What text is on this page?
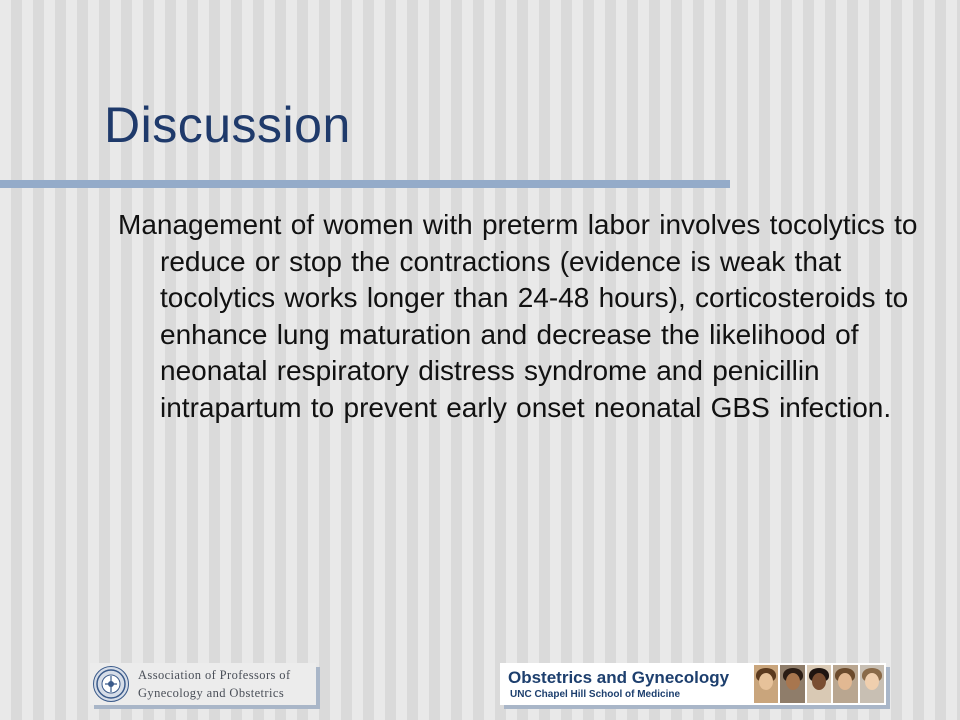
Discussion

Management of women with preterm labor involves tocolytics to reduce or stop the contractions (evidence is weak that tocolytics works longer than 24-48 hours), corticosteroids to enhance lung maturation and decrease the likelihood of neonatal respiratory distress syndrome and penicillin intrapartum to prevent early onset neonatal GBS infection.

Association of Professors of
Gynecology and Obstetrics
Obstetrics and Gynecology
UNC Chapel Hill School of Medicine
